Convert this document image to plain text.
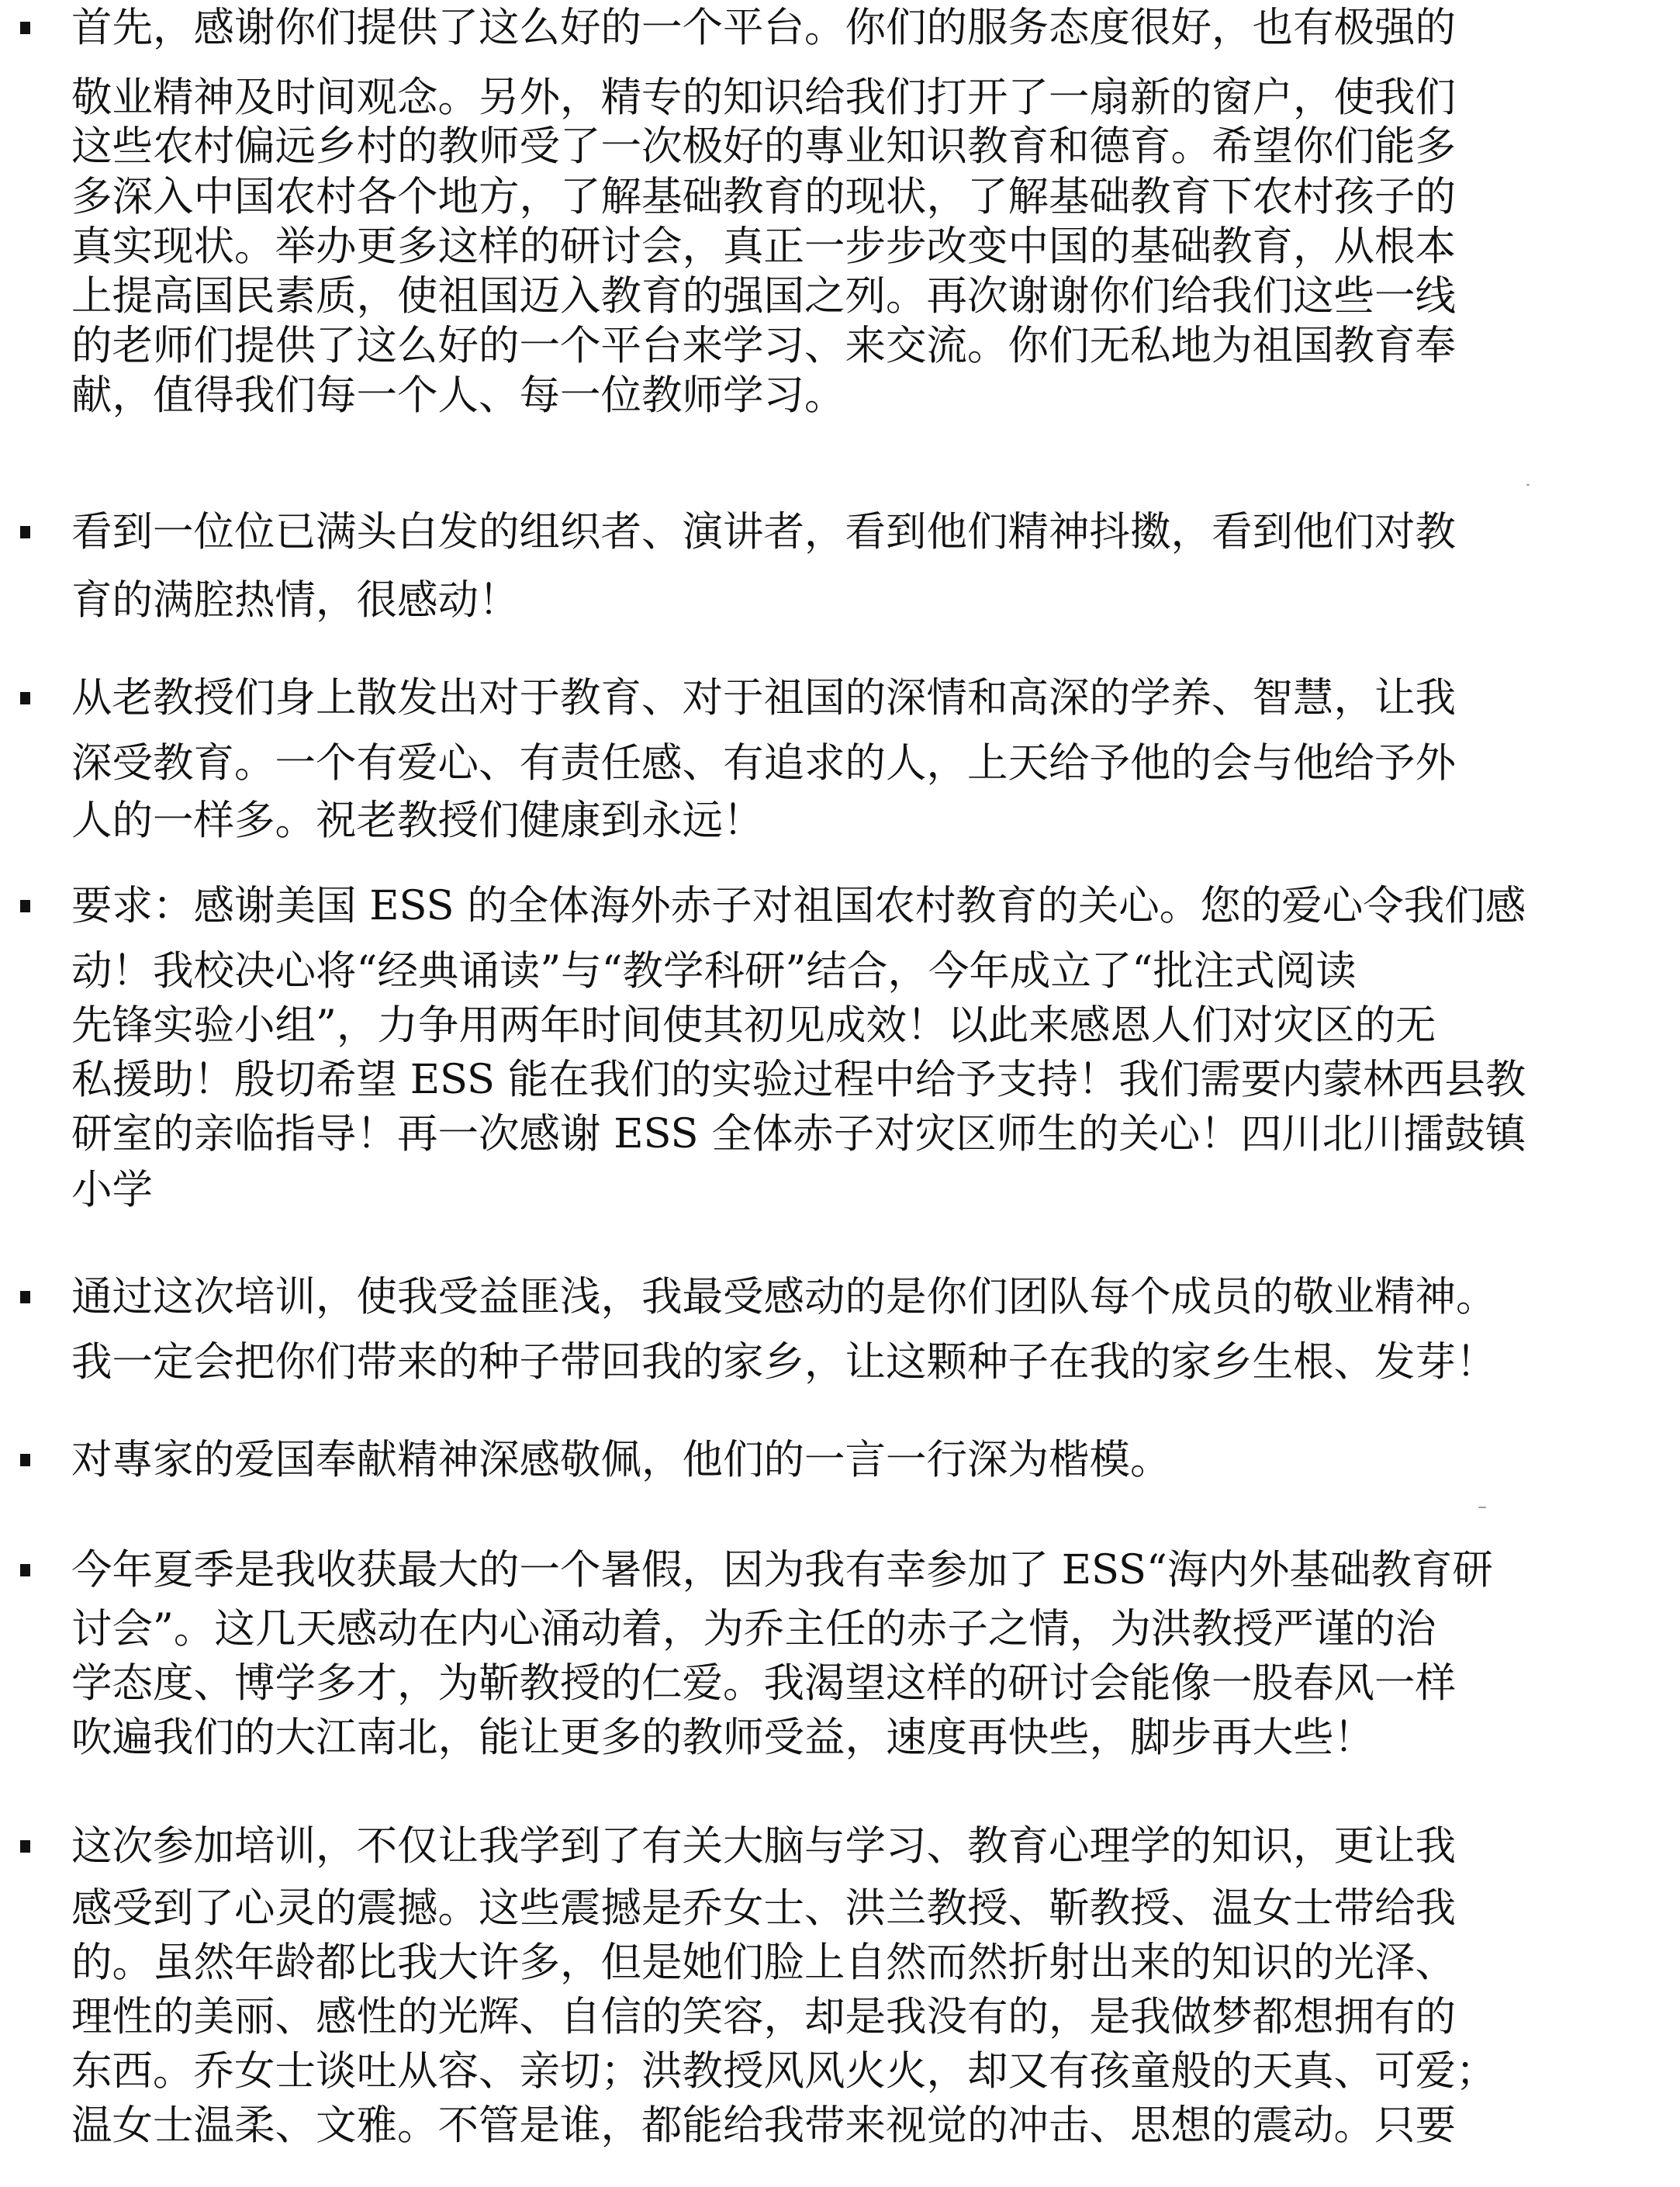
首先，感谢你们提供了这么好的一个平台。你们的服务态度很好，也有极强的
敬业精神及时间观念。另外，精专的知识给我们打开了一扇新的窗户，使我们
这些农村偏远乡村的教师受了一次极好的專业知识教育和德育。希望你们能多
多深入中国农村各个地方，了解基础教育的现状，了解基础教育下农村孩子的
真实现状。举办更多这样的研讨会，真正一步步改变中国的基础教育，从根本
上提高国民素质，使祖国迈入教育的强国之列。再次谢谢你们给我们这些一线
的老师们提供了这么好的一个平台来学习、来交流。你们无私地为祖国教育奉
献，值得我们每一个人、每一位教师学习。
看到一位位已满头白发的组织者、演讲者，看到他们精神抖擞，看到他们对教
育的满腔热情，很感动！
从老教授们身上散发出对于教育、对于祖国的深情和高深的学养、智慧，让我
深受教育。一个有爱心、有责任感、有追求的人，上天给予他的会与他给予外
人的一样多。祝老教授们健康到永远！
要求：感谢美国 ESS 的全体海外赤子对祖国农村教育的关心。您的爱心令我们感
动！我校决心将“经典诵读”与“教学科研”结合，今年成立了“批注式阅读
先锋实验小组”，力争用两年时间使其初见成效！以此来感恩人们对灾区的无
私援助！殷切希望 ESS 能在我们的实验过程中给予支持！我们需要内蒙林西县教
研室的亲临指导！再一次感谢 ESS 全体赤子对灾区师生的关心！四川北川擂鼓镇
小学
通过这次培训，使我受益匪浅，我最受感动的是你们团队每个成员的敬业精神。
我一定会把你们带来的种子带回我的家乡，让这颗种子在我的家乡生根、发芽！
对專家的爱国奉献精神深感敬佩，他们的一言一行深为楷模。
今年夏季是我收获最大的一个暑假，因为我有幸参加了 ESS“海内外基础教育研
讨会”。这几天感动在内心涌动着，为乔主任的赤子之情，为洪教授严谨的治
学态度、博学多才，为靳教授的仁爱。我渴望这样的研讨会能像一股春风一样
吹遍我们的大江南北，能让更多的教师受益，速度再快些，脚步再大些！
这次参加培训，不仅让我学到了有关大脑与学习、教育心理学的知识，更让我
感受到了心灵的震撼。这些震撼是乔女士、洪兰教授、靳教授、温女士带给我
的。虽然年龄都比我大许多，但是她们脸上自然而然折射出来的知识的光泽、
理性的美丽、感性的光辉、自信的笑容，却是我没有的，是我做梦都想拥有的
东西。乔女士谈吐从容、亲切；洪教授风风火火，却又有孩童般的天真、可爱；
温女士温柔、文雅。不管是谁，都能给我带来视觉的冲击、思想的震动。只要
